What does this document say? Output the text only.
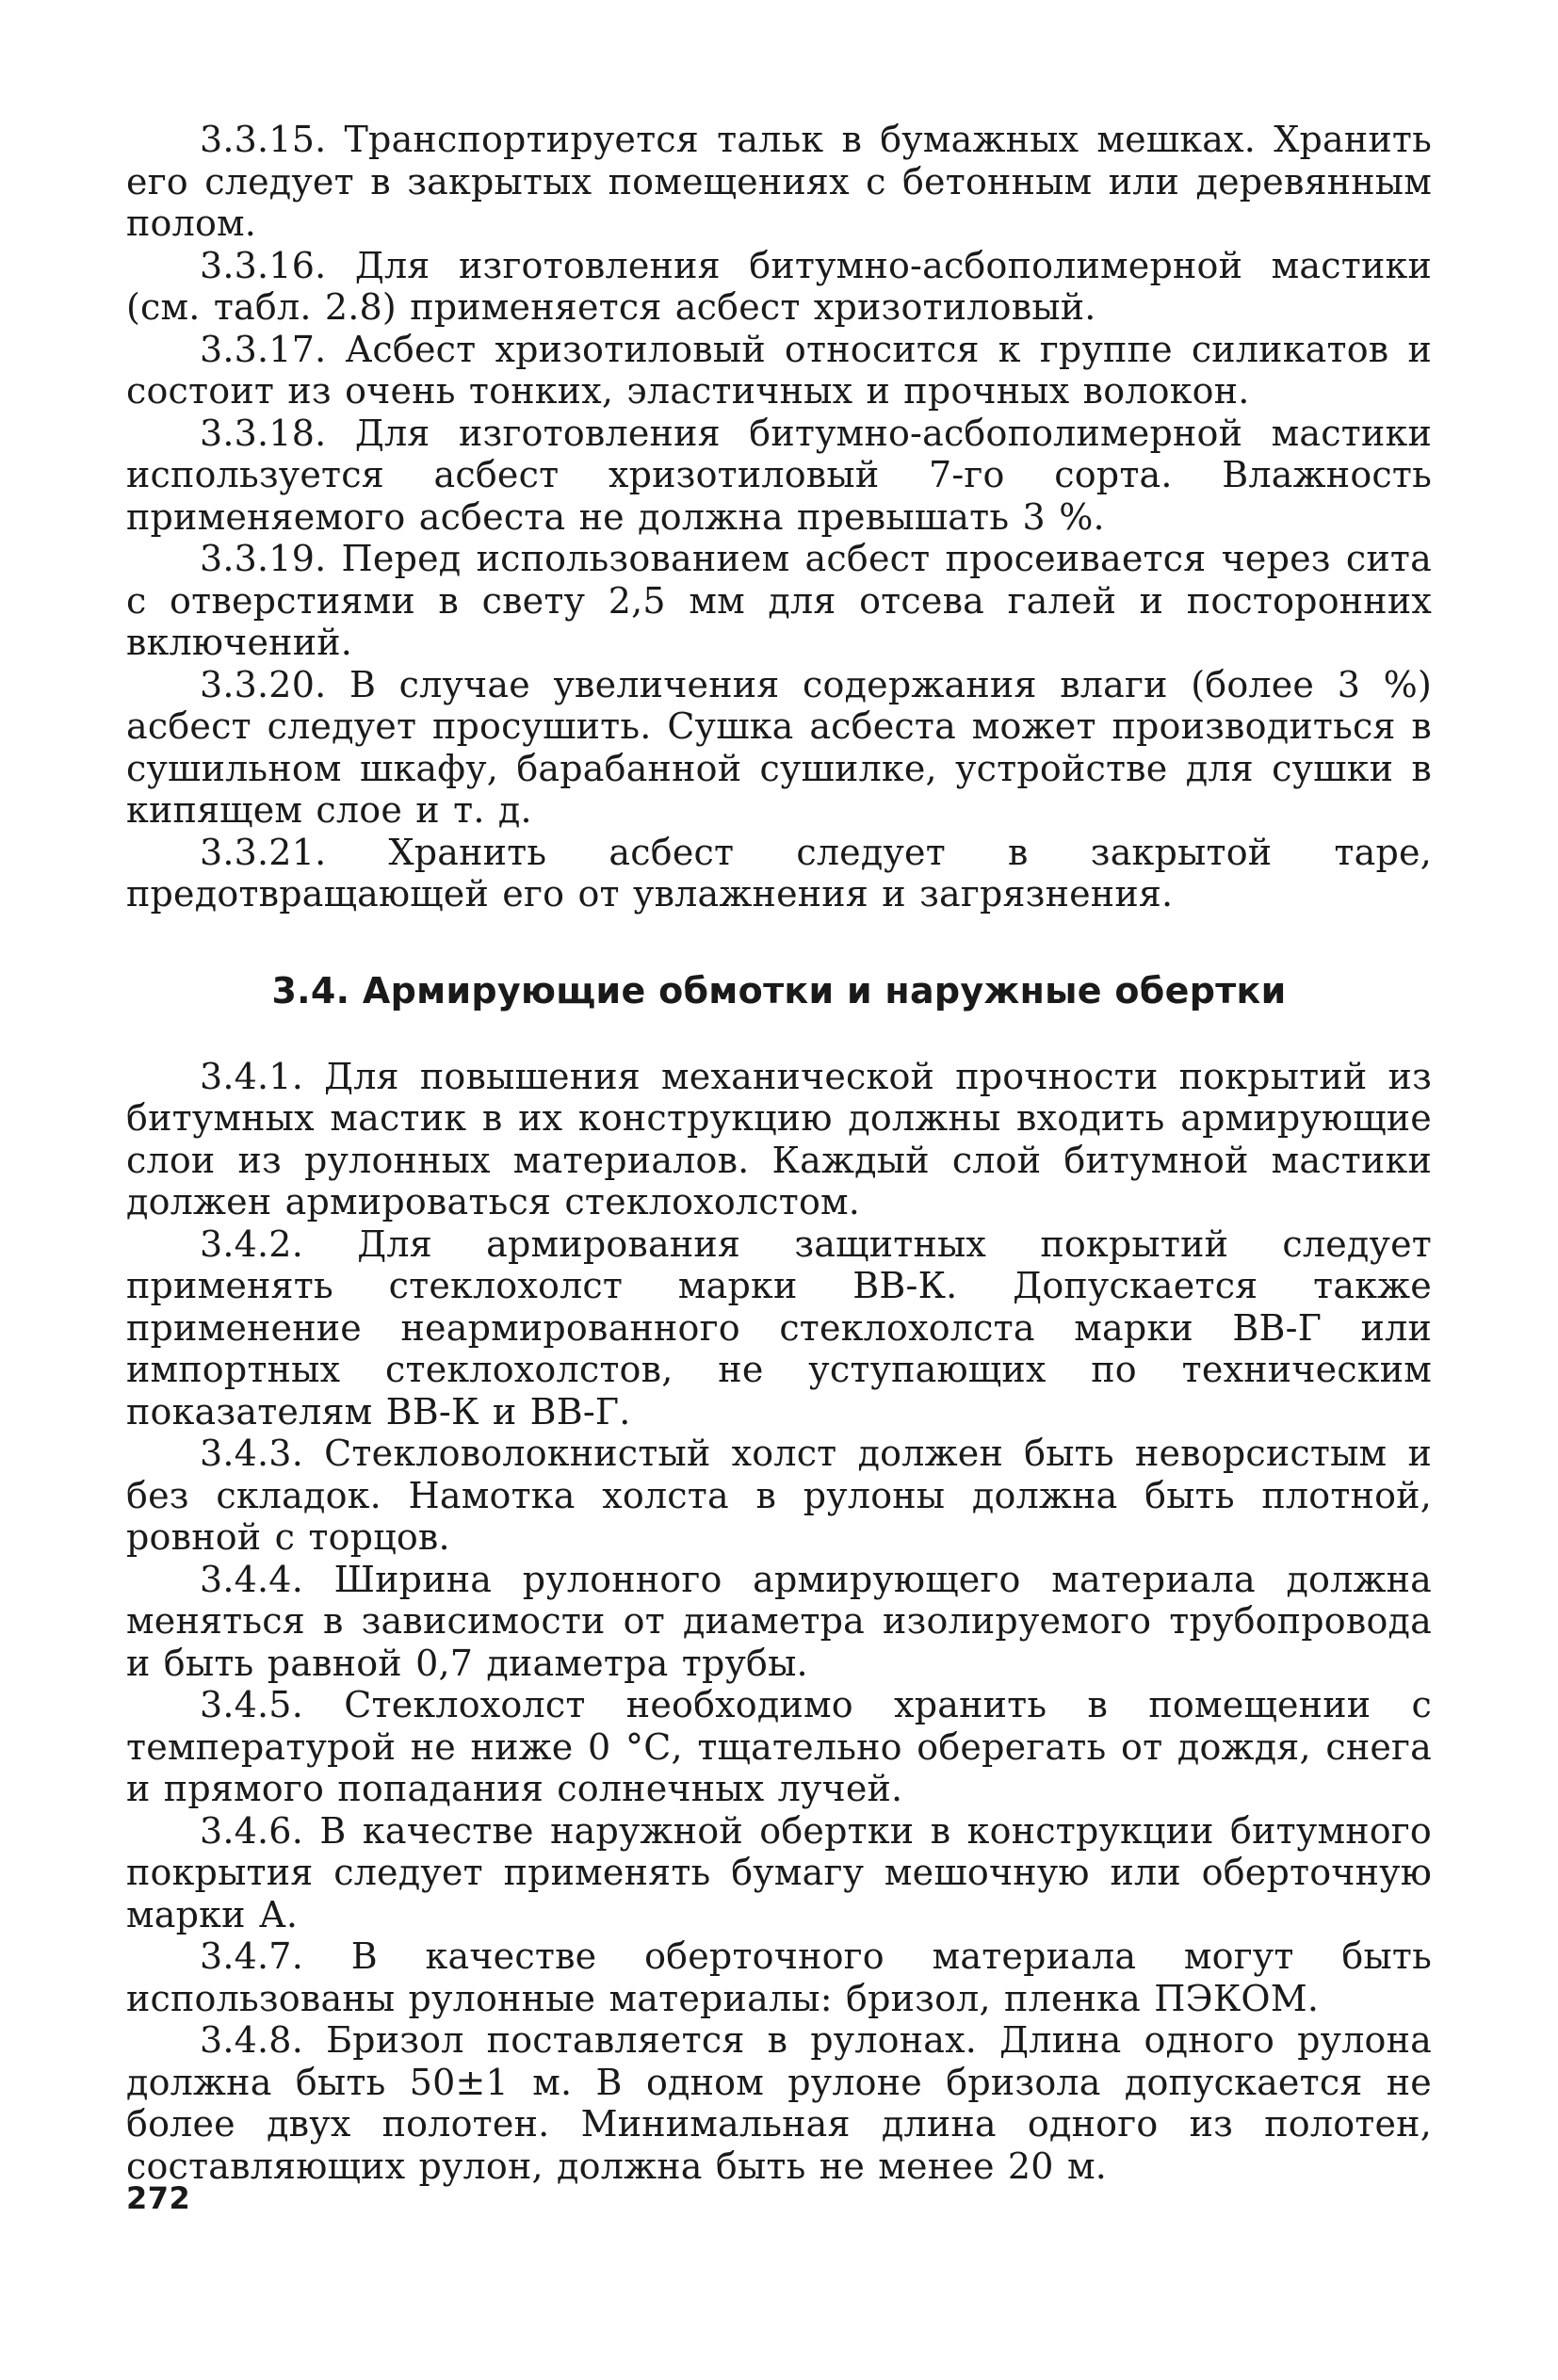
3.3.15. Транспортируется тальк в бумажных мешках. Хранить его следует в закрытых помещениях с бетонным или деревянным полом.

3.3.16. Для изготовления битумно-асбополимерной мастики (см. табл. 2.8) применяется асбест хризотиловый.

3.3.17. Асбест хризотиловый относится к группе силикатов и состоит из очень тонких, эластичных и прочных волокон.

3.3.18. Для изготовления битумно-асбополимерной мастики используется асбест хризотиловый 7-го сорта. Влажность применяемого асбеста не должна превышать 3 %.

3.3.19. Перед использованием асбест просеивается через сита с отверстиями в свету 2,5 мм для отсева галей и посторонних включений.

3.3.20. В случае увеличения содержания влаги (более 3 %) асбест следует просушить. Сушка асбеста может производиться в сушильном шкафу, барабанной сушилке, устройстве для сушки в кипящем слое и т. д.

3.3.21. Хранить асбест следует в закрытой таре, предотвращающей его от увлажнения и загрязнения.

3.4. Армирующие обмотки и наружные обертки

3.4.1. Для повышения механической прочности покрытий из битумных мастик в их конструкцию должны входить армирующие слои из рулонных материалов. Каждый слой битумной мастики должен армироваться стеклохолстом.

3.4.2. Для армирования защитных покрытий следует применять стеклохолст марки ВВ-К. Допускается также применение неармированного стеклохолста марки ВВ-Г или импортных стеклохолстов, не уступающих по техническим показателям ВВ-К и ВВ-Г.

3.4.3. Стекловолокнистый холст должен быть неворсистым и без складок. Намотка холста в рулоны должна быть плотной, ровной с торцов.

3.4.4. Ширина рулонного армирующего материала должна меняться в зависимости от диаметра изолируемого трубопровода и быть равной 0,7 диаметра трубы.

3.4.5. Стеклохолст необходимо хранить в помещении с температурой не ниже 0 °С, тщательно оберегать от дождя, снега и прямого попадания солнечных лучей.

3.4.6. В качестве наружной обертки в конструкции битумного покрытия следует применять бумагу мешочную или оберточную марки А.

3.4.7. В качестве оберточного материала могут быть использованы рулонные материалы: бризол, пленка ПЭКОМ.

3.4.8. Бризол поставляется в рулонах. Длина одного рулона должна быть 50±1 м. В одном рулоне бризола допускается не более двух полотен. Минимальная длина одного из полотен, составляющих рулон, должна быть не менее 20 м.

272
